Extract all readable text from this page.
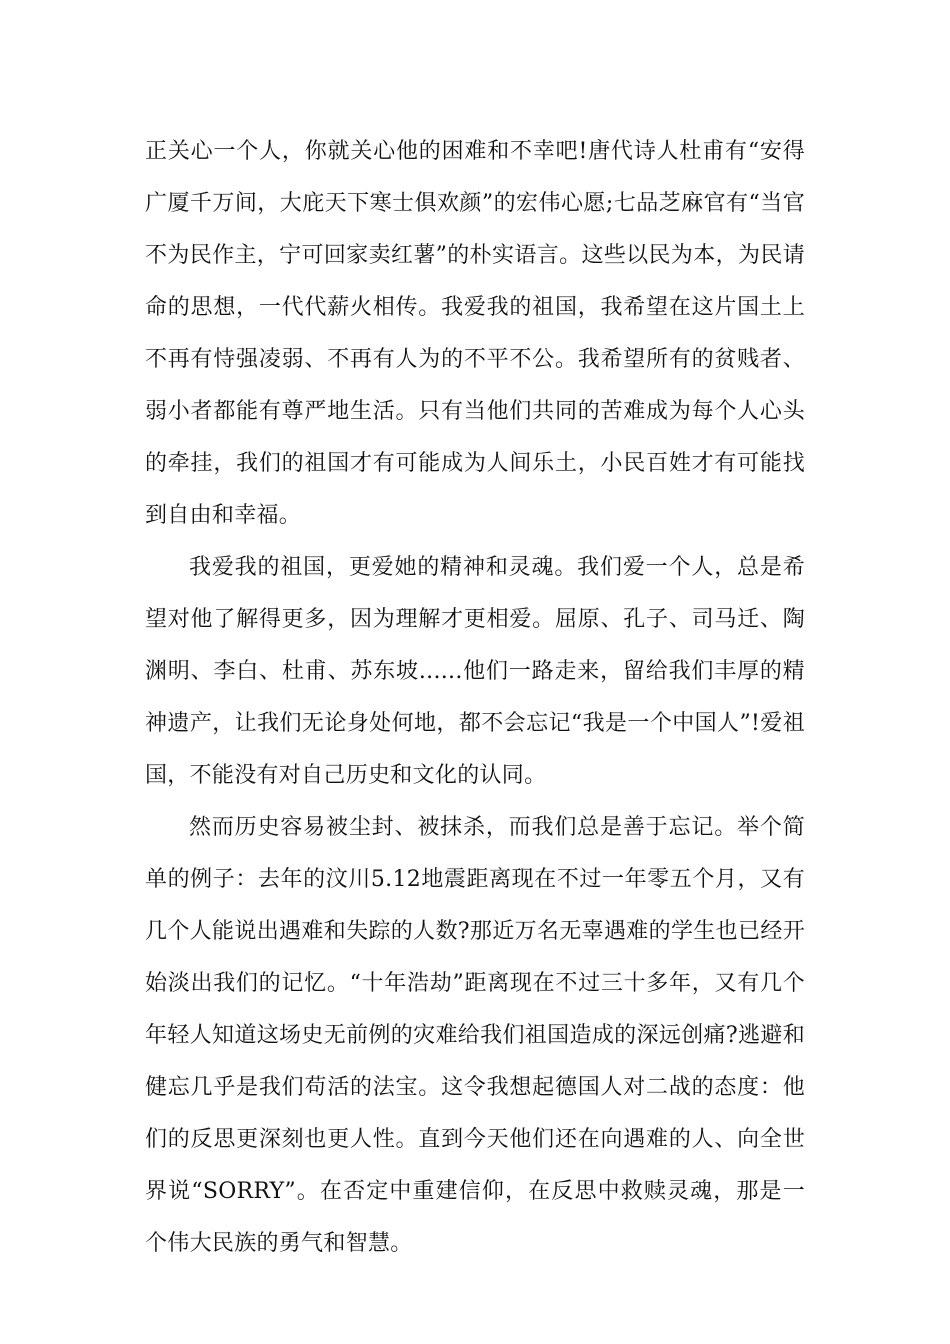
正关心一个人，你就关心他的困难和不幸吧!唐代诗人杜甫有“安得广厦千万间，大庇天下寒士俱欢颜”的宏伟心愿;七品芝麻官有“当官不为民作主，宁可回家卖红薯”的朴实语言。这些以民为本，为民请命的思想，一代代薪火相传。我爱我的祖国，我希望在这片国土上不再有恃强凌弱、不再有人为的不平不公。我希望所有的贫贱者、弱小者都能有尊严地生活。只有当他们共同的苦难成为每个人心头的牵挂，我们的祖国才有可能成为人间乐土，小民百姓才有可能找到自由和幸福。

我爱我的祖国，更爱她的精神和灵魂。我们爱一个人，总是希望对他了解得更多，因为理解才更相爱。屈原、孔子、司马迁、陶渊明、李白、杜甫、苏东坡......他们一路走来，留给我们丰厚的精神遗产，让我们无论身处何地，都不会忘记“我是一个中国人”!爱祖国，不能没有对自己历史和文化的认同。

然而历史容易被尘封、被抹杀，而我们总是善于忘记。举个简单的例子：去年的汶川5.12地震距离现在不过一年零五个月，又有几个人能说出遇难和失踪的人数?那近万名无辜遇难的学生也已经开始淡出我们的记忆。“十年浩劫”距离现在不过三十多年，又有几个年轻人知道这场史无前例的灾难给我们祖国造成的深远创痛?逃避和健忘几乎是我们苟活的法宝。这令我想起德国人对二战的态度：他们的反思更深刻也更人性。直到今天他们还在向遇难的人、向全世界说“SORRY”。在否定中重建信仰，在反思中救赎灵魂，那是一个伟大民族的勇气和智慧。
